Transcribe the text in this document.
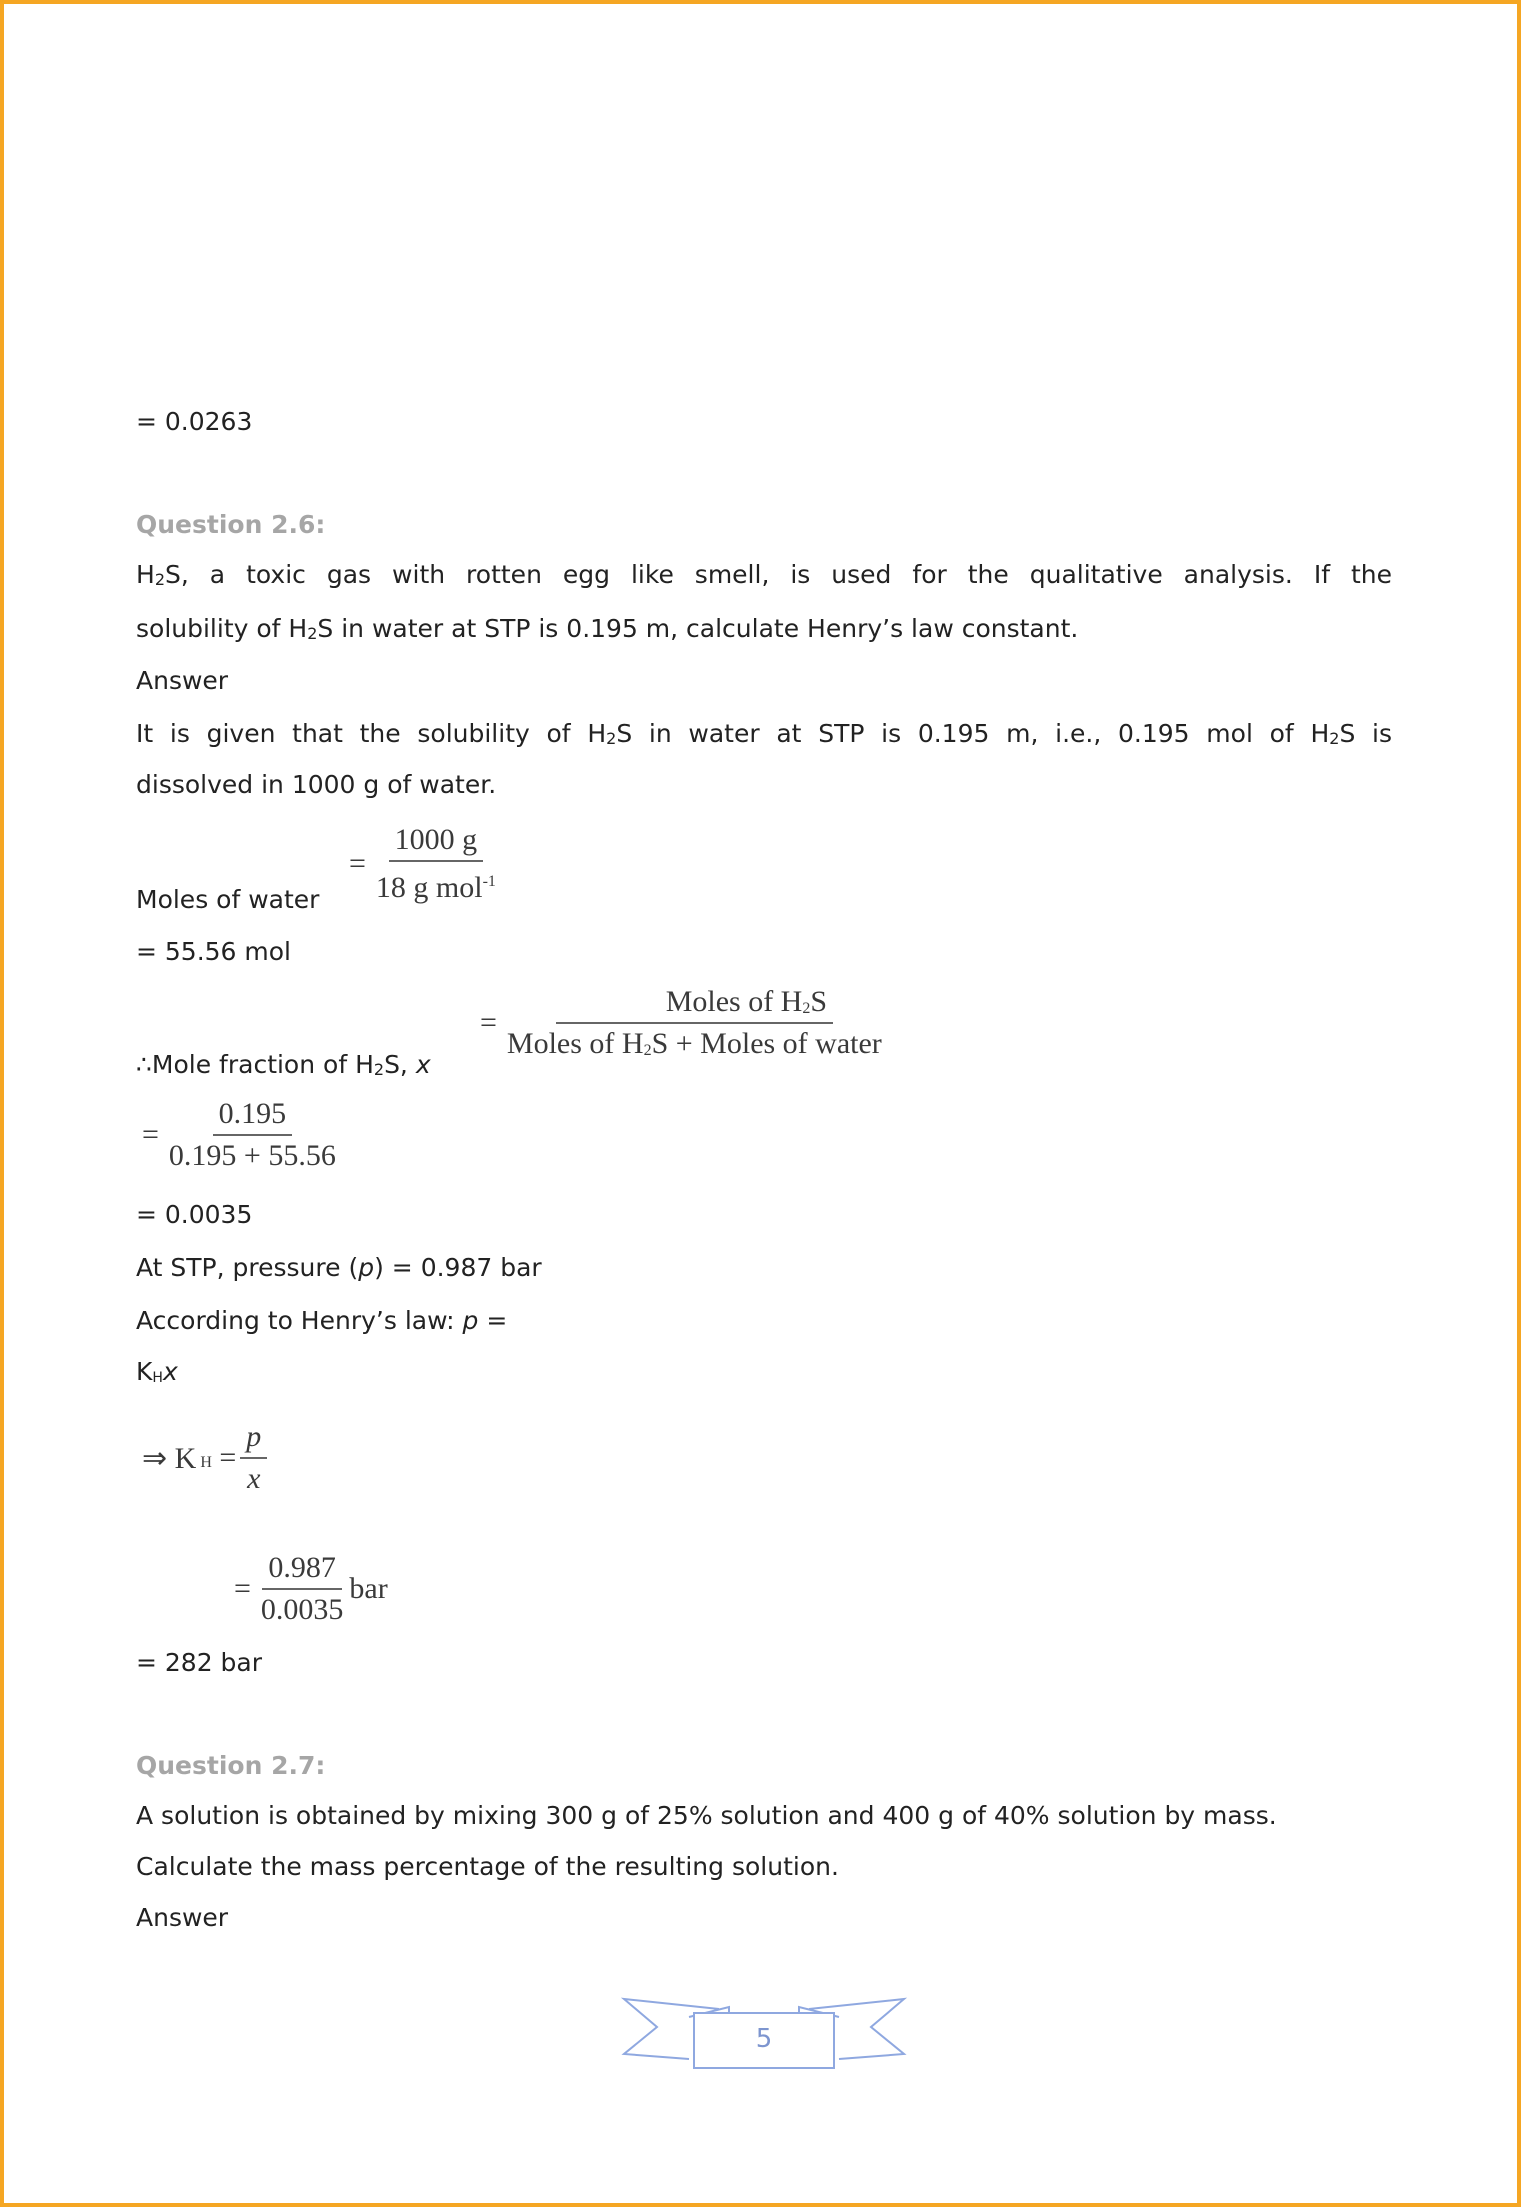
= 0.0263
Question 2.6:
$H_2S$, a toxic gas with rotten egg like smell, is used for the qualitative analysis. If the
solubility of $H_2S$ in water at STP is 0.195 m, calculate Henry’s law constant.
Answer
It is given that the solubility of $H_2S$ in water at STP is 0.195 m, i.e., 0.195 mol of $H_2S$ is
dissolved in 1000 g of water.
= $\frac{1000 g}{18 g mol^{-1}}$
Moles of water
= 55.56 mol
= $\frac{Moles of H_2S}{Moles of H_2S + Moles of water}$
∴Mole fraction of $H_2S$, x
= $\frac{0.195}{0.195 + 55.56}$
= 0.0035
At STP, pressure (p) = 0.987 bar
According to Henry’s law: p =
$K_Hx$
⇒ K $_H = \frac{p}{x}$
= $\frac{0.987}{0.0035}$ bar
= 282 bar
Question 2.7:
A solution is obtained by mixing 300 g of 25% solution and 400 g of 40% solution by mass.
Calculate the mass percentage of the resulting solution.
Answer
5
